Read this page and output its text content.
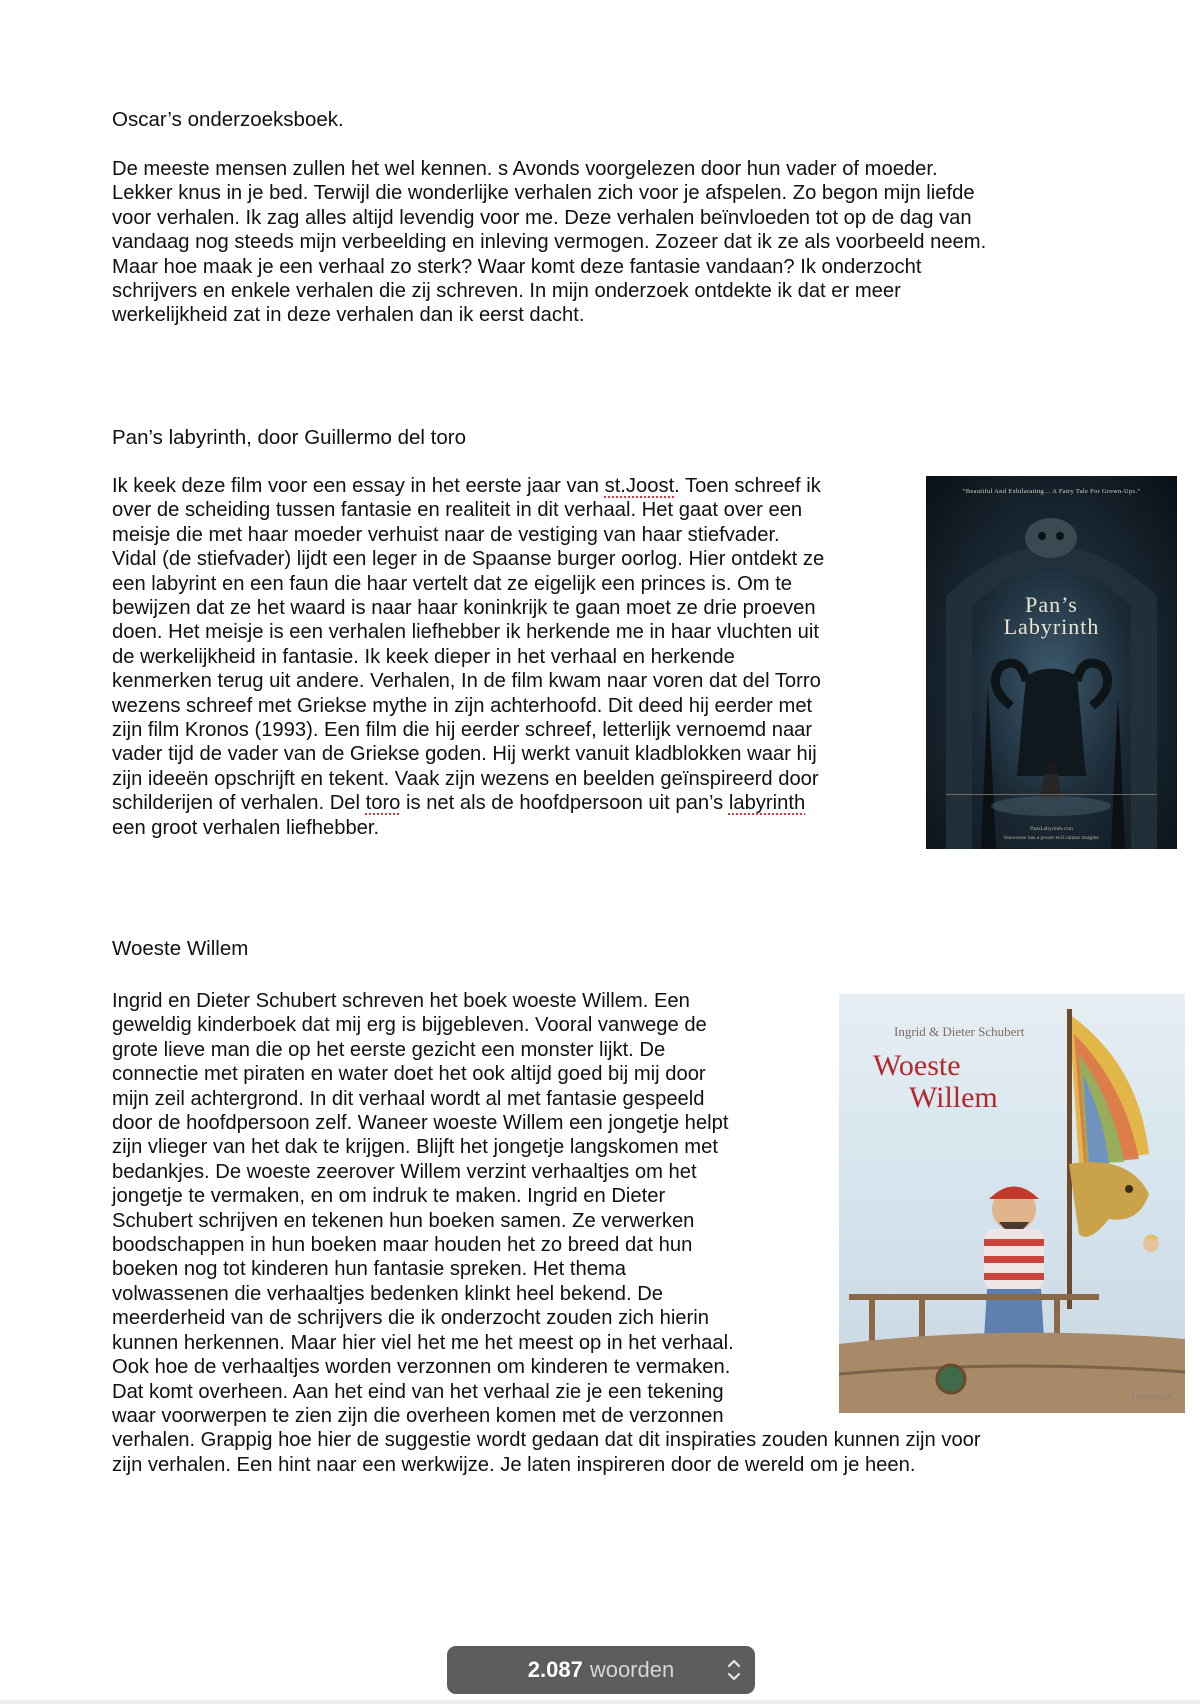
Oscar’s onderzoeksboek.

De meeste mensen zullen het wel kennen. s Avonds voorgelezen door hun vader of moeder.
Lekker knus in je bed. Terwijl die wonderlijke verhalen zich voor je afspelen. Zo begon mijn liefde
voor verhalen. Ik zag alles altijd levendig voor me. Deze verhalen beïnvloeden tot op de dag van
vandaag nog steeds mijn verbeelding en inleving vermogen. Zozeer dat ik ze als voorbeeld neem.
Maar hoe maak je een verhaal zo sterk? Waar komt deze fantasie vandaan? Ik onderzocht
schrijvers en enkele verhalen die zij schreven. In mijn onderzoek ontdekte ik dat er meer
werkelijkheid zat in deze verhalen dan ik eerst dacht.

Pan’s labyrinth, door Guillermo del toro

Ik keek deze film voor een essay in het eerste jaar van st.Joost. Toen schreef ik
over de scheiding tussen fantasie en realiteit in dit verhaal. Het gaat over een
meisje die met haar moeder verhuist naar de vestiging van haar stiefvader.
Vidal (de stiefvader) lijdt een leger in de Spaanse burger oorlog. Hier ontdekt ze
een labyrint en een faun die haar vertelt dat ze eigelijk een princes is. Om te
bewijzen dat ze het waard is naar haar koninkrijk te gaan moet ze drie proeven
doen. Het meisje is een verhalen liefhebber ik herkende me in haar vluchten uit
de werkelijkheid in fantasie. Ik keek dieper in het verhaal en herkende
kenmerken terug uit andere. Verhalen, In de film kwam naar voren dat del Torro
wezens schreef met Griekse mythe in zijn achterhoofd. Dit deed hij eerder met
zijn film Kronos (1993). Een film die hij eerder schreef, letterlijk vernoemd naar
vader tijd de vader van de Griekse goden. Hij werkt vanuit kladblokken waar hij
zijn ideeën opschrijft en tekent. Vaak zijn wezens en beelden geïnspireerd door
schilderijen of verhalen. Del toro is net als de hoofdpersoon uit pan’s labyrinth
een groot verhalen liefhebber.

“Beautiful And Exhilarating… A Fairy Tale For Grown-Ups.”
Pan’s
Labyrinth
PansLabyrinth.com
Innocence has a power evil cannot imagine

Woeste Willem

Ingrid en Dieter Schubert schreven het boek woeste Willem. Een
geweldig kinderboek dat mij erg is bijgebleven. Vooral vanwege de
grote lieve man die op het eerste gezicht een monster lijkt. De
connectie met piraten en water doet het ook altijd goed bij mij door
mijn zeil achtergrond. In dit verhaal wordt al met fantasie gespeeld
door de hoofdpersoon zelf. Waneer woeste Willem een jongetje helpt
zijn vlieger van het dak te krijgen. Blijft het jongetje langskomen met
bedankjes. De woeste zeerover Willem verzint verhaaltjes om het
jongetje te vermaken, en om indruk te maken. Ingrid en Dieter
Schubert schrijven en tekenen hun boeken samen. Ze verwerken
boodschappen in hun boeken maar houden het zo breed dat hun
boeken nog tot kinderen hun fantasie spreken. Het thema
volwassenen die verhaaltjes bedenken klinkt heel bekend. De
meerderheid van de schrijvers die ik onderzocht zouden zich hierin
kunnen herkennen. Maar hier viel het me het meest op in het verhaal.
Ook hoe de verhaaltjes worden verzonnen om kinderen te vermaken.
Dat komt overheen. Aan het eind van het verhaal zie je een tekening
waar voorwerpen te zien zijn die overheen komen met de verzonnen
verhalen. Grappig hoe hier de suggestie wordt gedaan dat dit inspiraties zouden kunnen zijn voor
zijn verhalen. Een hint naar een werkwijze. Je laten inspireren door de wereld om je heen.

Ingrid & Dieter Schubert
Woeste
Willem
Lemniscaat
2.087 woorden
